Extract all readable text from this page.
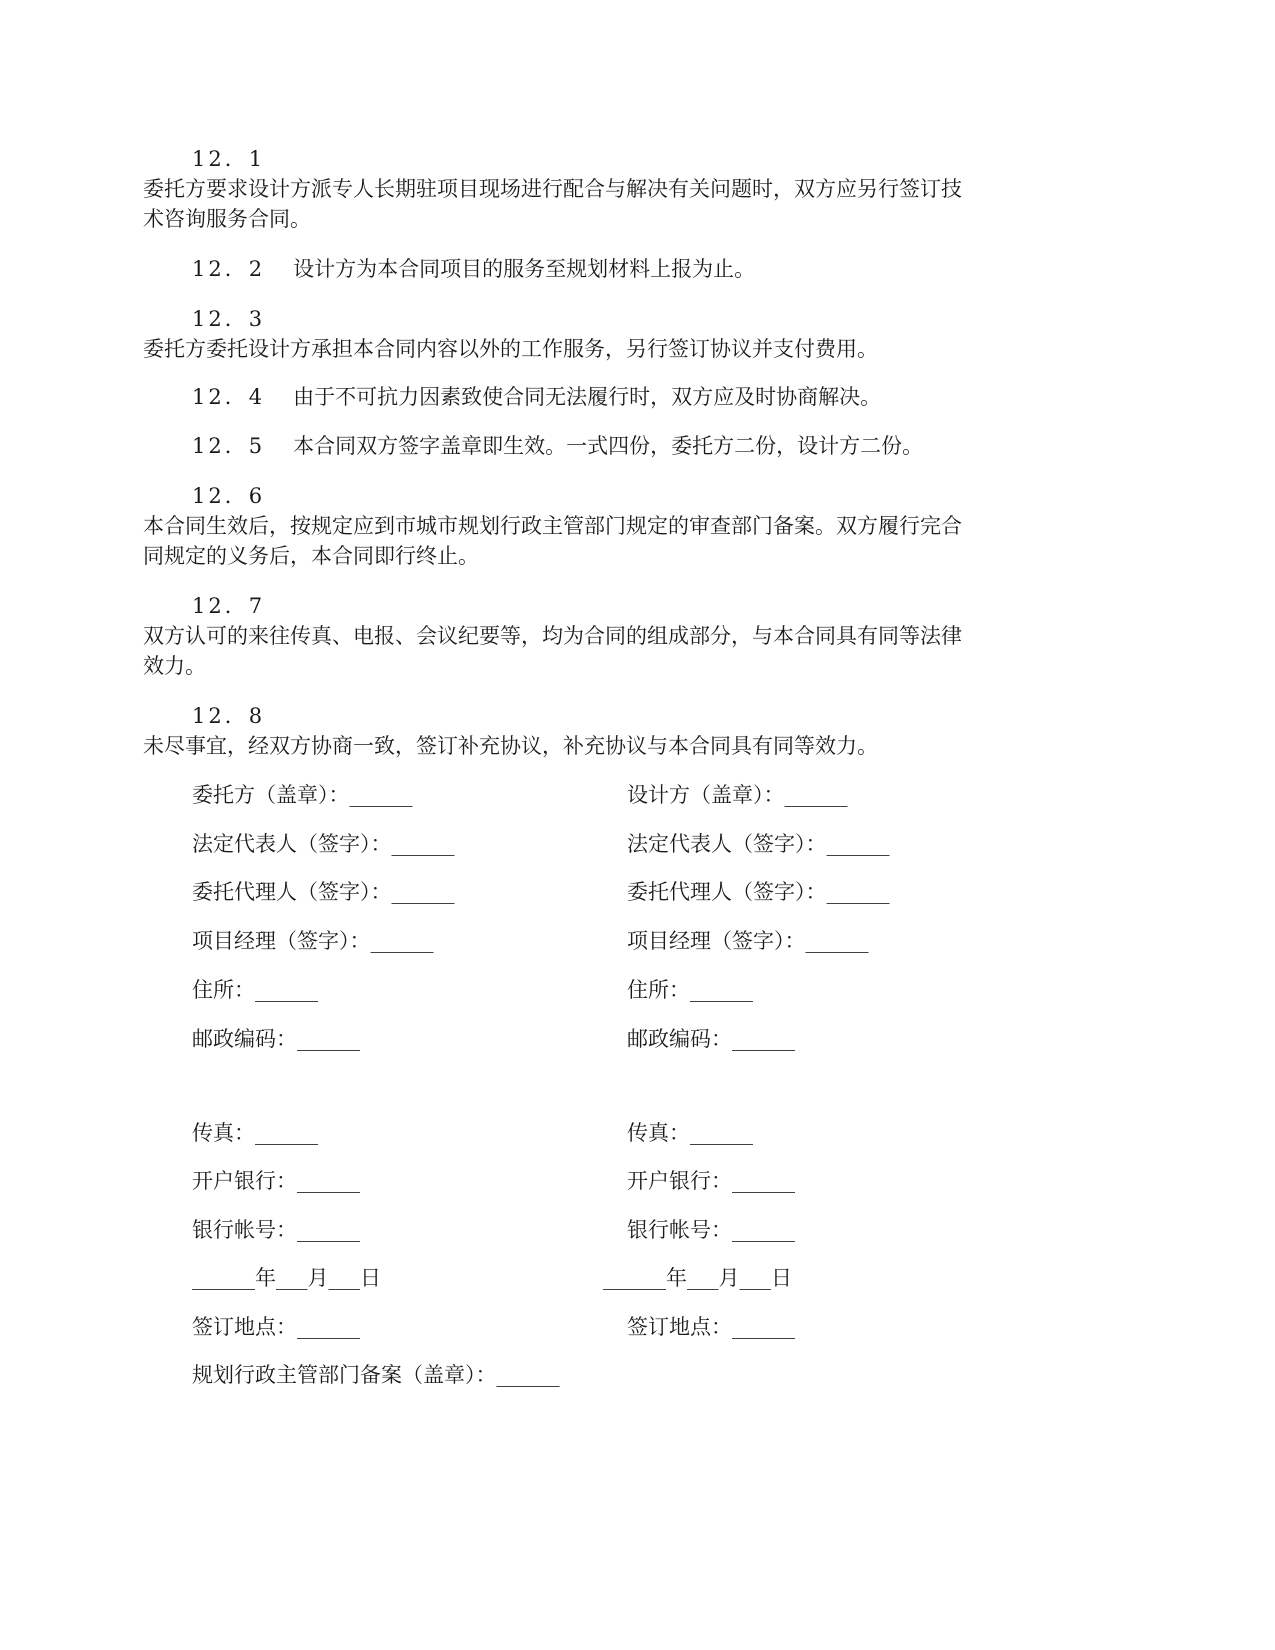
12．1

委托方要求设计方派专人长期驻项目现场进行配合与解决有关问题时，双方应另行签订技

术咨询服务合同。

12．2 设计方为本合同项目的服务至规划材料上报为止。

12．3

委托方委托设计方承担本合同内容以外的工作服务，另行签订协议并支付费用。

12．4 由于不可抗力因素致使合同无法履行时，双方应及时协商解决。

12．5 本合同双方签字盖章即生效。一式四份，委托方二份，设计方二份。

12．6

本合同生效后，按规定应到市城市规划行政主管部门规定的审查部门备案。双方履行完合

同规定的义务后，本合同即行终止。

12．7

双方认可的来往传真、电报、会议纪要等，均为合同的组成部分，与本合同具有同等法律

效力。

12．8

未尽事宜，经双方协商一致，签订补充协议，补充协议与本合同具有同等效力。

委托方（盖章）：______

法定代表人（签字）：______

委托代理人（签字）：______

项目经理（签字）：______

住所：______

邮政编码：______

传真：______

开户银行：______

银行帐号：______

______年___月___日

签订地点：______

设计方（盖章）：______

法定代表人（签字）：______

委托代理人（签字）：______

项目经理（签字）：______

住所：______

邮政编码：______

传真：______

开户银行：______

银行帐号：______

______年___月___日

签订地点：______

规划行政主管部门备案（盖章）：______
